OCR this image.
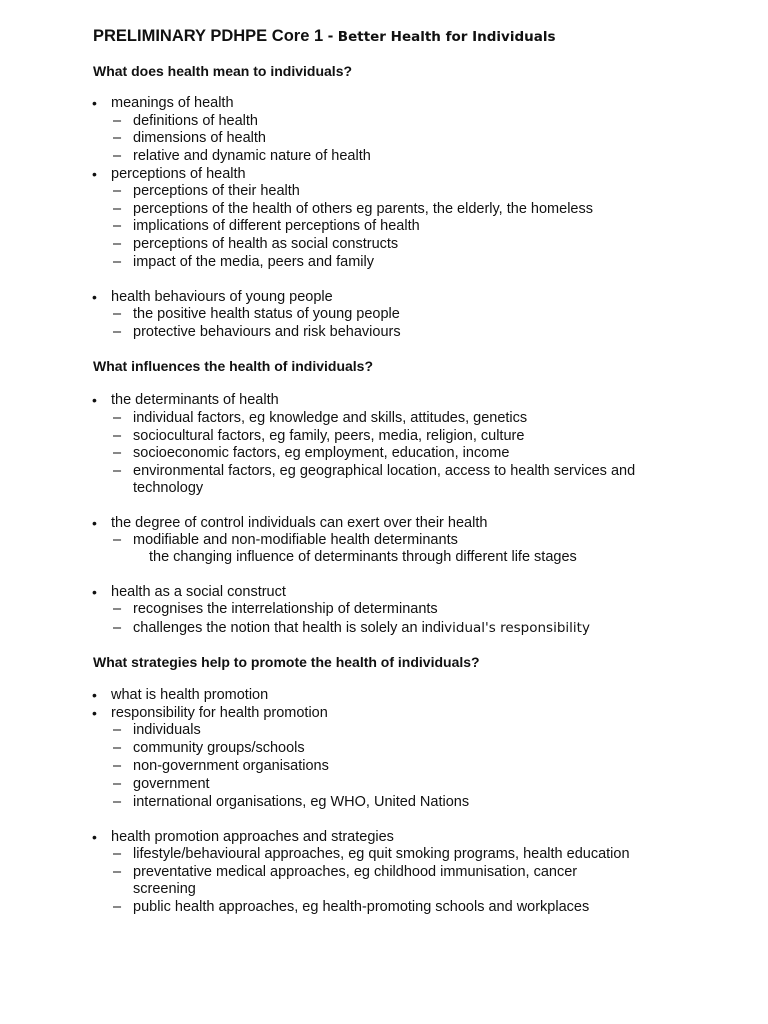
PRELIMINARY PDHPE Core 1 - Better Health for Individuals
What does health mean to individuals?
• meanings of health
– definitions of health
– dimensions of health
– relative and dynamic nature of health
• perceptions of health
– perceptions of their health
– perceptions of the health of others eg parents, the elderly, the homeless
– implications of different perceptions of health
– perceptions of health as social constructs
– impact of the media, peers and family
• health behaviours of young people
– the positive health status of young people
– protective behaviours and risk behaviours
What influences the health of individuals?
• the determinants of health
– individual factors, eg knowledge and skills, attitudes, genetics
– sociocultural factors, eg family, peers, media, religion, culture
– socioeconomic factors, eg employment, education, income
– environmental factors, eg geographical location, access to health services and
technology
• the degree of control individuals can exert over their health
– modifiable and non-modifiable health determinants
the changing influence of determinants through different life stages
• health as a social construct
– recognises the interrelationship of determinants
– challenges the notion that health is solely an individual's responsibility
What strategies help to promote the health of individuals?
• what is health promotion
• responsibility for health promotion
– individuals
– community groups/schools
– non-government organisations
– government
– international organisations, eg WHO, United Nations
• health promotion approaches and strategies
– lifestyle/behavioural approaches, eg quit smoking programs, health education
– preventative medical approaches, eg childhood immunisation, cancer
screening
– public health approaches, eg health-promoting schools and workplaces
